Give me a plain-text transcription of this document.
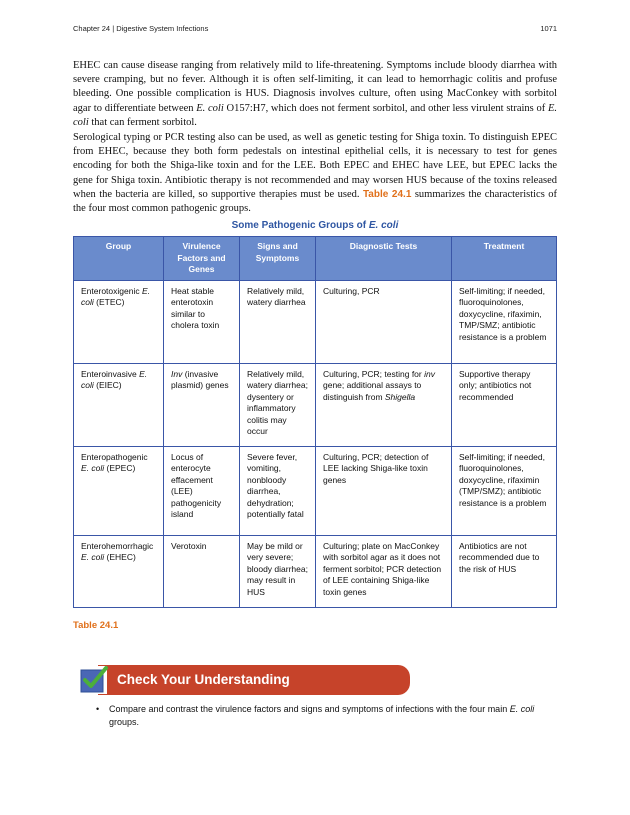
Chapter 24 | Digestive System Infections	1071

EHEC can cause disease ranging from relatively mild to life-threatening. Symptoms include bloody diarrhea with severe cramping, but no fever. Although it is often self-limiting, it can lead to hemorrhagic colitis and profuse bleeding. One possible complication is HUS. Diagnosis involves culture, often using MacConkey with sorbitol agar to differentiate between E. coli O157:H7, which does not ferment sorbitol, and other less virulent strains of E. coli that can ferment sorbitol.

Serological typing or PCR testing also can be used, as well as genetic testing for Shiga toxin. To distinguish EPEC from EHEC, because they both form pedestals on intestinal epithelial cells, it is necessary to test for genes encoding for both the Shiga-like toxin and for the LEE. Both EPEC and EHEC have LEE, but EPEC lacks the gene for Shiga toxin. Antibiotic therapy is not recommended and may worsen HUS because of the toxins released when the bacteria are killed, so supportive therapies must be used. Table 24.1 summarizes the characteristics of the four most common pathogenic groups.

Some Pathogenic Groups of E. coli
Group	Virulence Factors and Genes	Signs and Symptoms	Diagnostic Tests	Treatment
Enterotoxigenic E. coli (ETEC)	Heat stable enterotoxin similar to cholera toxin	Relatively mild, watery diarrhea	Culturing, PCR	Self-limiting; if needed, fluoroquinolones, doxycycline, rifaximin, TMP/SMZ; antibiotic resistance is a problem
Enteroinvasive E. coli (EIEC)	Inv (invasive plasmid) genes	Relatively mild, watery diarrhea; dysentery or inflammatory colitis may occur	Culturing, PCR; testing for inv gene; additional assays to distinguish from Shigella	Supportive therapy only; antibiotics not recommended
Enteropathogenic E. coli (EPEC)	Locus of enterocyte effacement (LEE) pathogenicity island	Severe fever, vomiting, nonbloody diarrhea, dehydration; potentially fatal	Culturing, PCR; detection of LEE lacking Shiga-like toxin genes	Self-limiting; if needed, fluoroquinolones, doxycycline, rifaximin (TMP/SMZ); antibiotic resistance is a problem
Enterohemorrhagic E. coli (EHEC)	Verotoxin	May be mild or very severe; bloody diarrhea; may result in HUS	Culturing; plate on MacConkey with sorbitol agar as it does not ferment sorbitol; PCR detection of LEE containing Shiga-like toxin genes	Antibiotics are not recommended due to the risk of HUS
Table 24.1
Check Your Understanding
• Compare and contrast the virulence factors and signs and symptoms of infections with the four main E. coli groups.
